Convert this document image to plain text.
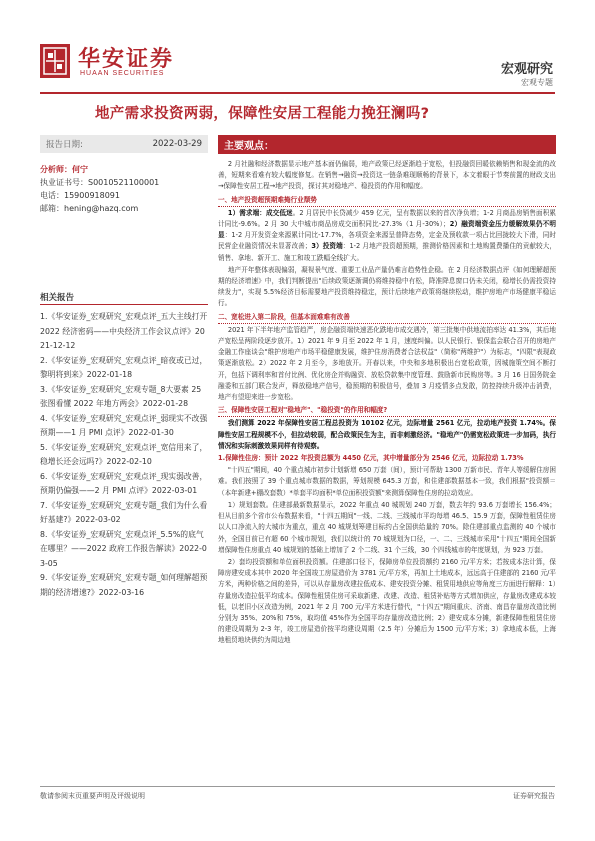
华安证券
HUAAN SECURITIES	宏观研究
宏观专题
地产需求投资两弱，保障性安居工程能力挽狂澜吗?
报告日期:	2022-03-29
分析师：何宁
执业证书号：S0010521100001
电话：15900918091
邮箱：hening@hazq.com
相关报告
1.《华安证券_宏观研究_宏观点评_五大主线打开 2022 经济密码——中央经济工作会议点评》2021-12-12
2.《华安证券_宏观研究_宏观点评_暗夜或已过，黎明将到来》2022-01-18
3.《华安证券_宏观研究_宏观专题_8大要素 25 张图看懂 2022 年地方两会》2022-01-28
4.《华安证券_宏观研究_宏观点评_弱现实不改强预期——1 月 PMI 点评》2022-01-30
5.《华安证券_宏观研究_宏观点评_宽信用来了，稳增长还会远吗?》2022-02-10
6.《华安证券_宏观研究_宏观点评_现实弱改善，预期仍偏强——2 月 PMI 点评》2022-03-01
7.《华安证券_宏观研究_宏观专题_我们为什么看好基建?》2022-03-02
8.《华安证券_宏观研究_宏观点评_5.5%的底气在哪里？——2022 政府工作报告解读》2022-03-05
9.《华安证券_宏观研究_宏观专题_如何理解超预期的经济增速?》2022-03-16
主要观点：

2 月社融和经济数据显示地产基本面仍偏弱，地产政策已经逐渐趋于宽松，但投融资回暖依赖销售和现金流的改善，短期来看难有较大幅度修复。在销售→融资→投资这一链条难现顺畅的背景下，本文着眼于节奏前置的财政支出→保障性安居工程→地产投资，探讨其对稳地产、稳投资的作用和幅度。

一、地产投资超预期难掩行业颓势

1）需求端：成交低迷。2 月居民中长贷减少 459 亿元，呈有数据以来的首次净负增；1-2 月商品房销售面积累计同比-9.6%。2 月 30 大中城市商品房成交面积同比-27.3%（1 月-30%）；2）融资端资金压力缓解效果仍不明显：1-2 月开发资金来源累计同比-17.7%，各项资金来源呈普降态势，定金及预收款一项占比回拢较大下滑，同时民营企业融资情况未显著改善；3）投资端：1-2 月地产投资超预期，推测价格因素和土地购置费播住的贡献较大，销售、拿地、新开工、施工和竣工跌幅全线扩大。

地产开年整体表现偏弱，凝视景气度、重要工业品产量仍难言趋势性企稳。在 2 月经济数据点评《如何理解超预期的经济增速》中，我们判断提出"后续政策逐渐调仍将维持稳中有松，降准降息窗口仍未关闭，稳增长仍需投资持续发力"，实现 5.5%经济目标需要地产投资维持稳定，预计后续地产政策将继续松动，维护房地产市场健康平稳运行。

二、宽松进入第二阶段，但基本面难难有改善

2021 年下半年地产监管趋严，房企融资端快速恶化跌地市成交遇冷，第三批集中供地流拍率达 41.3%，其后地产宽松呈两阶段逐步放开。1）2021 年 9 月至 2022 年 1 月，速度纠偏。以人民银行、银保监会联合召开的房地产金融工作座谈会"维护房地产市场平稳健康发展，维护住房消费者合法权益"（简称"两维护"）为标志，"四限"表现政策逐渐放松。2）2022 年 2 月至今，多地放开。开春以来，中央和多地积极出台宽松政策，因城施策空间不断打开，包括下调利率和首付比例、优化房企并购融资、放松贷款集中度管理、鼓励新市民购房等。3 月 16 日国务院金融委和五部门联合发声，释放稳地产信号，稳预期的积极信号，叠加 3 月疫情多点发散，防控持续升级冲击消费，地产有望迎来进一步宽松。

三、保障性安居工程对"稳地产"、"稳投资"的作用和幅度?

我们测算 2022 年保障性安居工程总投资为 10102 亿元，边际增量 2561 亿元，拉动地产投资 1.74%。保障性安居工程规模不小，但拉动较弱，配合政策民生为主，而非刺激经济。"稳地产"仍需宽松政策进一步加码，执行情况和实际刺激效果同样有待观察。

1.保障性住房：预计 2022 年投资总额为 4450 亿元，其中增量部分为 2546 亿元，边际拉动 1.73%

"十四五"期间，40 个重点城市初步计划新增 650 万套（间），预计可帮助 1300 万新市民、青年人等缓解住房困难。我们按照了 39 个重点城市数据的数据，筹划规模 645.3 万套，和住建部数据基本一致，我们根据"投资额＝（本年新建+棚改套数）*单套平均面积*单位面积投资额"来测算保障性住房的拉动效应。

1）规划套数。住建部最新数据显示，2022 年重点 40 城规划 240 万套，数去年约 93.6 万套增长 156.4%；但从目前多个省市公布数据来看，"十四五期间"一线、二线、三线城市平均每增 46.5、15.9 万套，保障性租赁住房以人口净流入的大城市为重点，重点 40 城规划筹建目标约占全国供给量的 70%。除住建部重点监测的 40 个城市外，全国目前已有超 60 个城市规划，我们以统计的 70 城规划为口径，一、二、三线城市采用"十四五"期间全国新增保障性住房重点 40 城规划的基础上增加了 2 个二线、31 个三线，30 个四线城市的年度规划，为 923 万套。

2）套均投资额和单位面积投资额。住建部口径下，保障房单位投资额约 2160 元/平方米；若按成本法计算，保障房建安成本其中 2020 年全国竣工房屋造价为 3781 元/平方米，再加上土地成本，远远高于住建部的 2160 元/平方米，两种价格之间的差异，可以从存量房改建拉低成本、建安投资分摊、租赁用地供应等角度三方面进行解释：1）存量房改造拉低平均成本。保障性租赁住房可采取新建、改建、改造、租赁补贴等方式增加供应，存量房改建成本较低，以老旧小区改造为例，2021 年 2 月 700 元/平方米进行替代，"十四五"期间重庆、济南、南昌存量房改造比例分别为 35%、20%和 75%，取均值 45%作为全国平均存量房改造比例；2）建安成本分摊，新建保障性租赁住房的建设周期为 2-3 年，竣工房屋造价按平均建设周期（2.5 年）分摊后为 1500 元/平方米；3）拿地成本低，上海地租贸地块供约为周边地

敬请参阅末页重要声明及评级说明	证券研究报告
